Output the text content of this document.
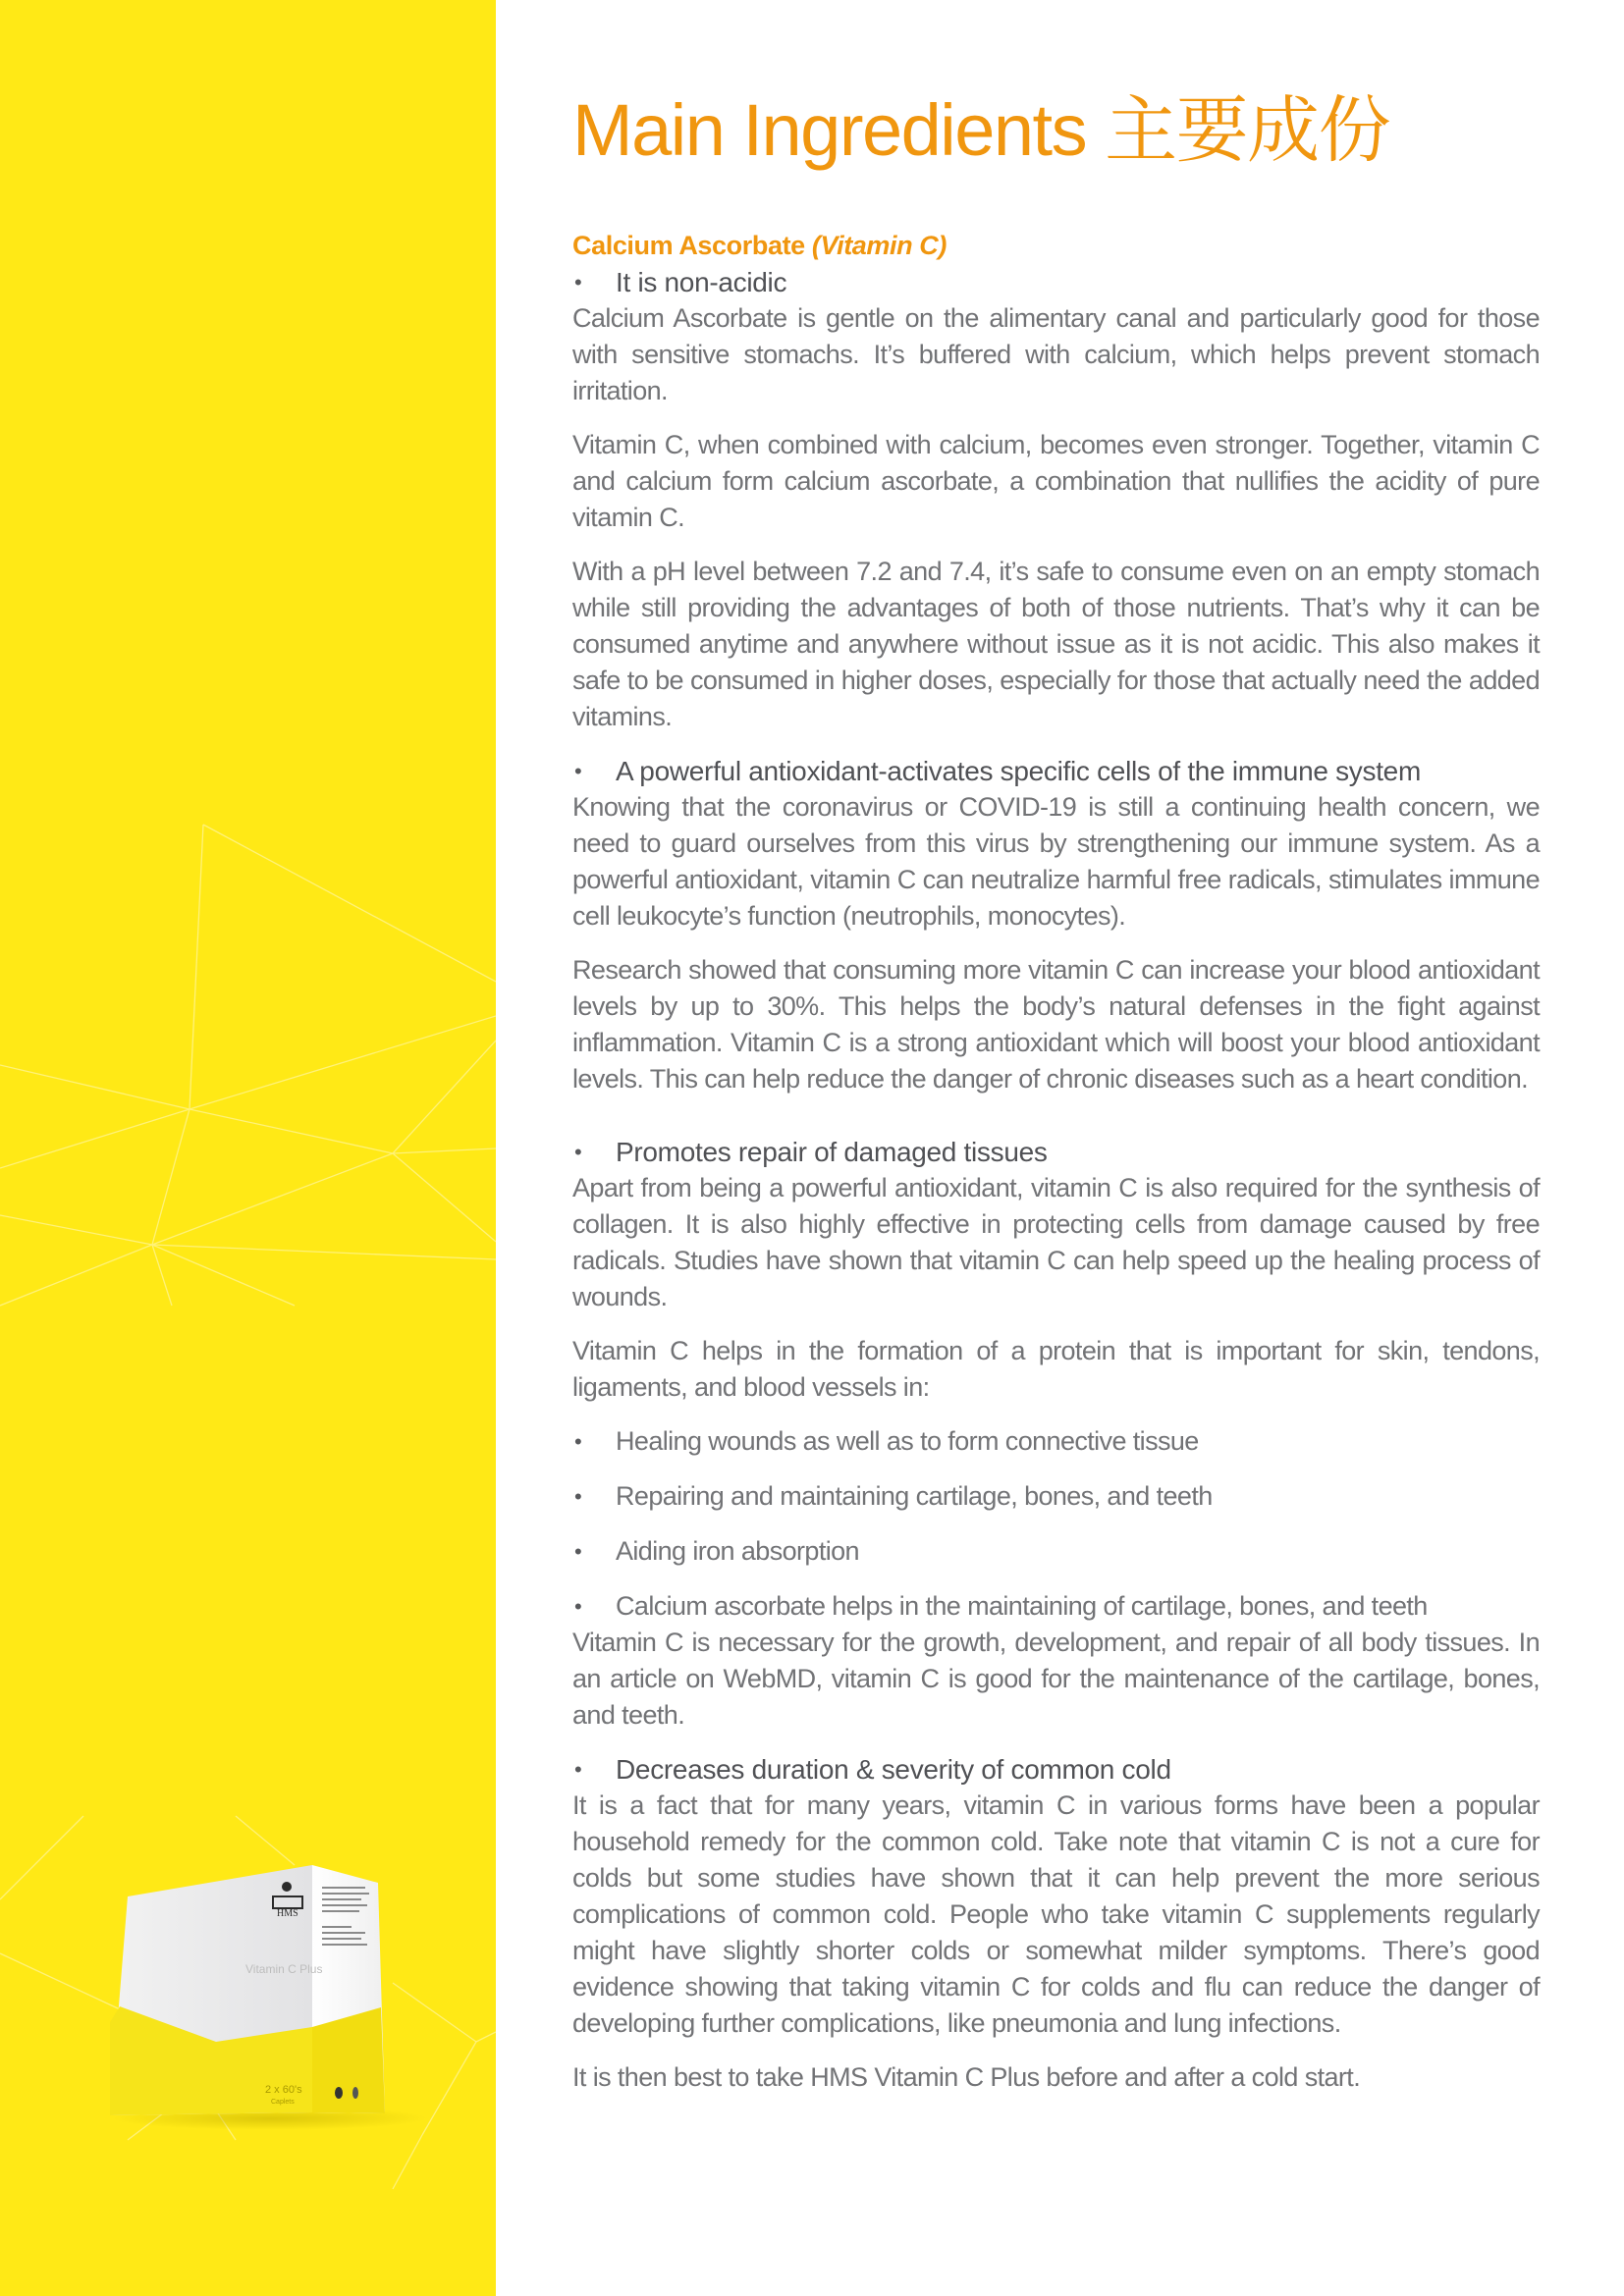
Vitamin C Plus
2 x 60's
Caplets
HMS
Main Ingredients 主要成份

Calcium Ascorbate (Vitamin C)

•	It is non-acidic

Calcium Ascorbate is gentle on the alimentary canal and particularly good for those with sensitive stomachs. It’s buffered with calcium, which helps prevent stomach irritation.

Vitamin C, when combined with calcium, becomes even stronger. Together, vitamin C and calcium form calcium ascorbate, a combination that nullifies the acidity of pure vitamin C.

With a pH level between 7.2 and 7.4, it’s safe to consume even on an empty stomach while still providing the advantages of both of those nutrients. That’s why it can be consumed anytime and anywhere without issue as it is not acidic. This also makes it safe to be consumed in higher doses, especially for those that actually need the added vitamins.

•	A powerful antioxidant-activates specific cells of the immune system

Knowing that the coronavirus or COVID-19 is still a continuing health concern, we need to guard ourselves from this virus by strengthening our immune system. As a powerful antioxidant, vitamin C can neutralize harmful free radicals, stimulates immune cell leukocyte’s function (neutrophils, monocytes).

Research showed that consuming more vitamin C can increase your blood antioxidant levels by up to 30%. This helps the body’s natural defenses in the fight against inflammation. Vitamin C is a strong antioxidant which will boost your blood antioxidant levels. This can help reduce the danger of chronic diseases such as a heart condition.

•	Promotes repair of damaged tissues

Apart from being a powerful antioxidant, vitamin C is also required for the synthesis of collagen. It is also highly effective in protecting cells from damage caused by free radicals. Studies have shown that vitamin C can help speed up the healing process of wounds.

Vitamin C helps in the formation of a protein that is important for skin, tendons, ligaments, and blood vessels in:

•	Healing wounds as well as to form connective tissue

•	Repairing and maintaining cartilage, bones, and teeth

•	Aiding iron absorption

•	Calcium ascorbate helps in the maintaining of cartilage, bones, and teeth

Vitamin C is necessary for the growth, development, and repair of all body tissues. In an article on WebMD, vitamin C is good for the maintenance of the cartilage, bones, and teeth.

•	Decreases duration & severity of common cold

It is a fact that for many years, vitamin C in various forms have been a popular household remedy for the common cold. Take note that vitamin C is not a cure for colds but some studies have shown that it can help prevent the more serious complications of common cold. People who take vitamin C supplements regularly might have slightly shorter colds or somewhat milder symptoms. There’s good evidence showing that taking vitamin C for colds and flu can reduce the danger of developing further complications, like pneumonia and lung infections.

It is then best to take HMS Vitamin C Plus before and after a cold start.
